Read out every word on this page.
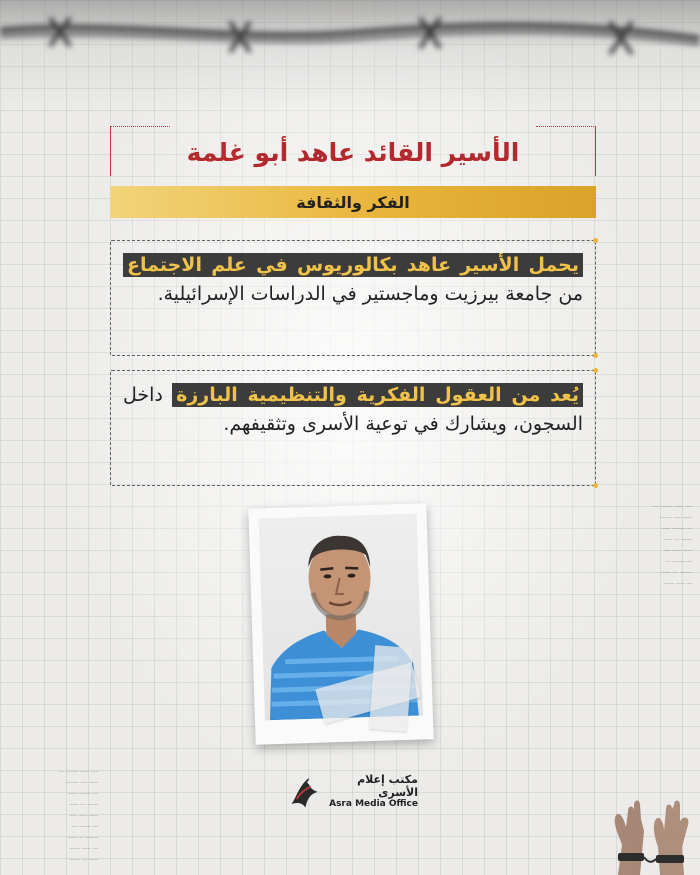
ــــ ـــــ ـــــــ ـــ
ـــــ ــــ ـــــــ
ـــ ـــــــ ـــــ
ــــــ ـــ ـــــ
ـــــ ـــــ ــــ
ـــ ـــــــ ـــ
ـــــــ ـــ ـــــ
ـــ ـــــ ــــــ
ــــ ـــــ ـــــــ ـــ
ـــــ ــــ ـــــــ
ـــ ـــــــ ـــــ
ــــــ ـــ ـــــ
ـــــ ـــــ ــــ
ـــ ـــــــ ـــ
ـــــــ ـــ ـــــ
ـــ ـــــ ــــــ
ـــــ ـــ ــــــ
الأسير القائد عاهد أبو غلمة
الفكر والثقافة
يحمل الأسير عاهد بكالوريوس في علم الاجتماع من جامعة بيرزيت وماجستير في الدراسات الإسرائيلية.
يُعد من العقول الفكرية والتنظيمية البارزة داخل السجون، ويشارك في توعية الأسرى وتثقيفهم.
مكتب إعلام الأسرى
Asra Media Office
